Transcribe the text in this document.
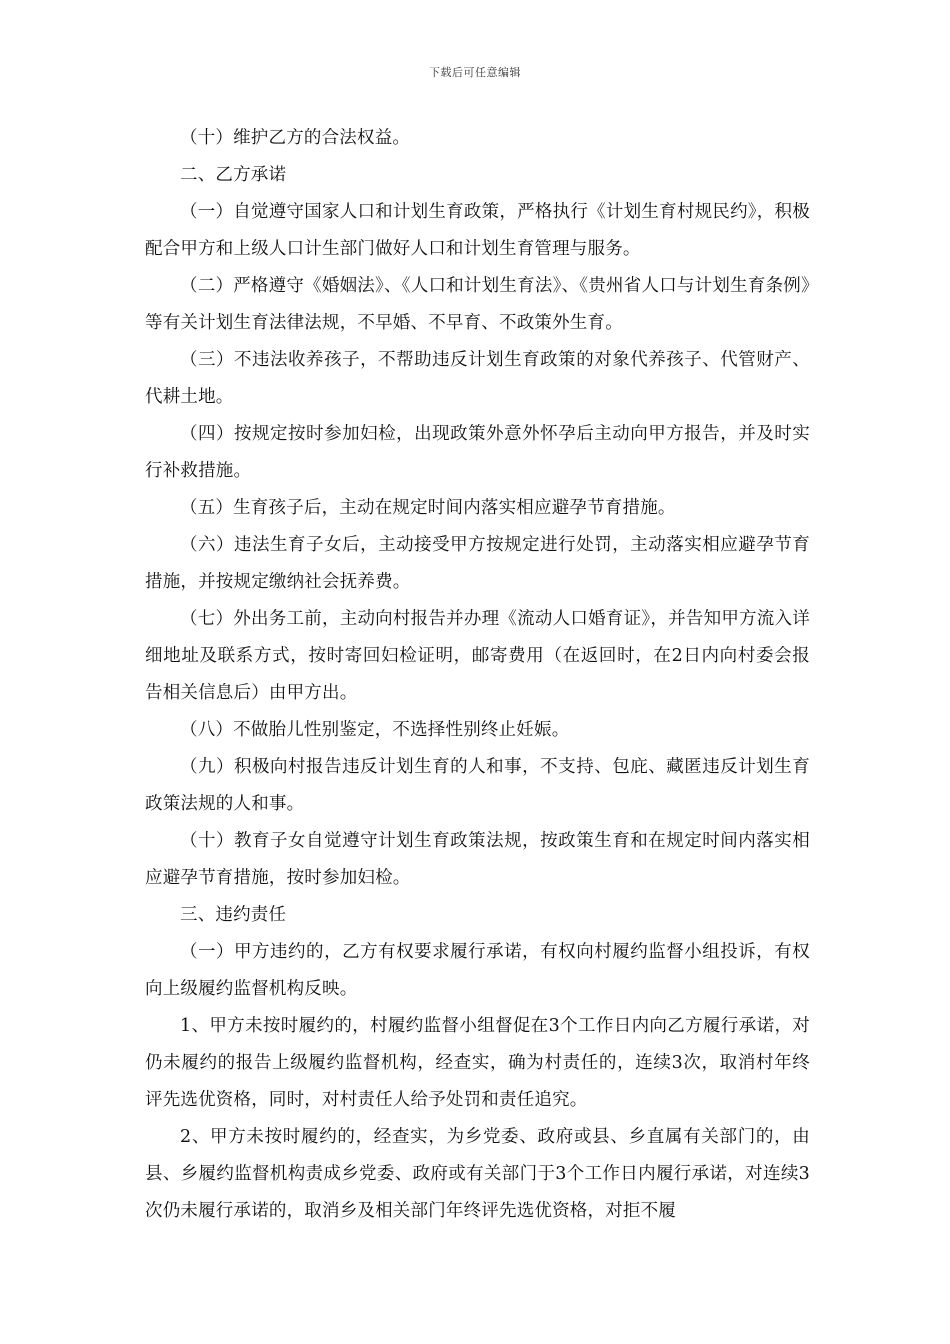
下载后可任意编辑

（十）维护乙方的合法权益。

二、乙方承诺

（一）自觉遵守国家人口和计划生育政策，严格执行《计划生育村规民约》，积极配合甲方和上级人口计生部门做好人口和计划生育管理与服务。

（二）严格遵守《婚姻法》、《人口和计划生育法》、《贵州省人口与计划生育条例》等有关计划生育法律法规，不早婚、不早育、不政策外生育。

（三）不违法收养孩子，不帮助违反计划生育政策的对象代养孩子、代管财产、代耕土地。

（四）按规定按时参加妇检，出现政策外意外怀孕后主动向甲方报告，并及时实行补救措施。

（五）生育孩子后，主动在规定时间内落实相应避孕节育措施。

（六）违法生育子女后，主动接受甲方按规定进行处罚，主动落实相应避孕节育措施，并按规定缴纳社会抚养费。

（七）外出务工前，主动向村报告并办理《流动人口婚育证》，并告知甲方流入详细地址及联系方式，按时寄回妇检证明，邮寄费用（在返回时，在2日内向村委会报告相关信息后）由甲方出。

（八）不做胎儿性别鉴定，不选择性别终止妊娠。

（九）积极向村报告违反计划生育的人和事，不支持、包庇、藏匿违反计划生育政策法规的人和事。

（十）教育子女自觉遵守计划生育政策法规，按政策生育和在规定时间内落实相应避孕节育措施，按时参加妇检。

三、违约责任

（一）甲方违约的，乙方有权要求履行承诺，有权向村履约监督小组投诉，有权向上级履约监督机构反映。

1、甲方未按时履约的，村履约监督小组督促在3个工作日内向乙方履行承诺，对仍未履约的报告上级履约监督机构，经查实，确为村责任的，连续3次，取消村年终评先选优资格，同时，对村责任人给予处罚和责任追究。

2、甲方未按时履约的，经查实，为乡党委、政府或县、乡直属有关部门的，由县、乡履约监督机构责成乡党委、政府或有关部门于3个工作日内履行承诺，对连续3次仍未履行承诺的，取消乡及相关部门年终评先选优资格，对拒不履
